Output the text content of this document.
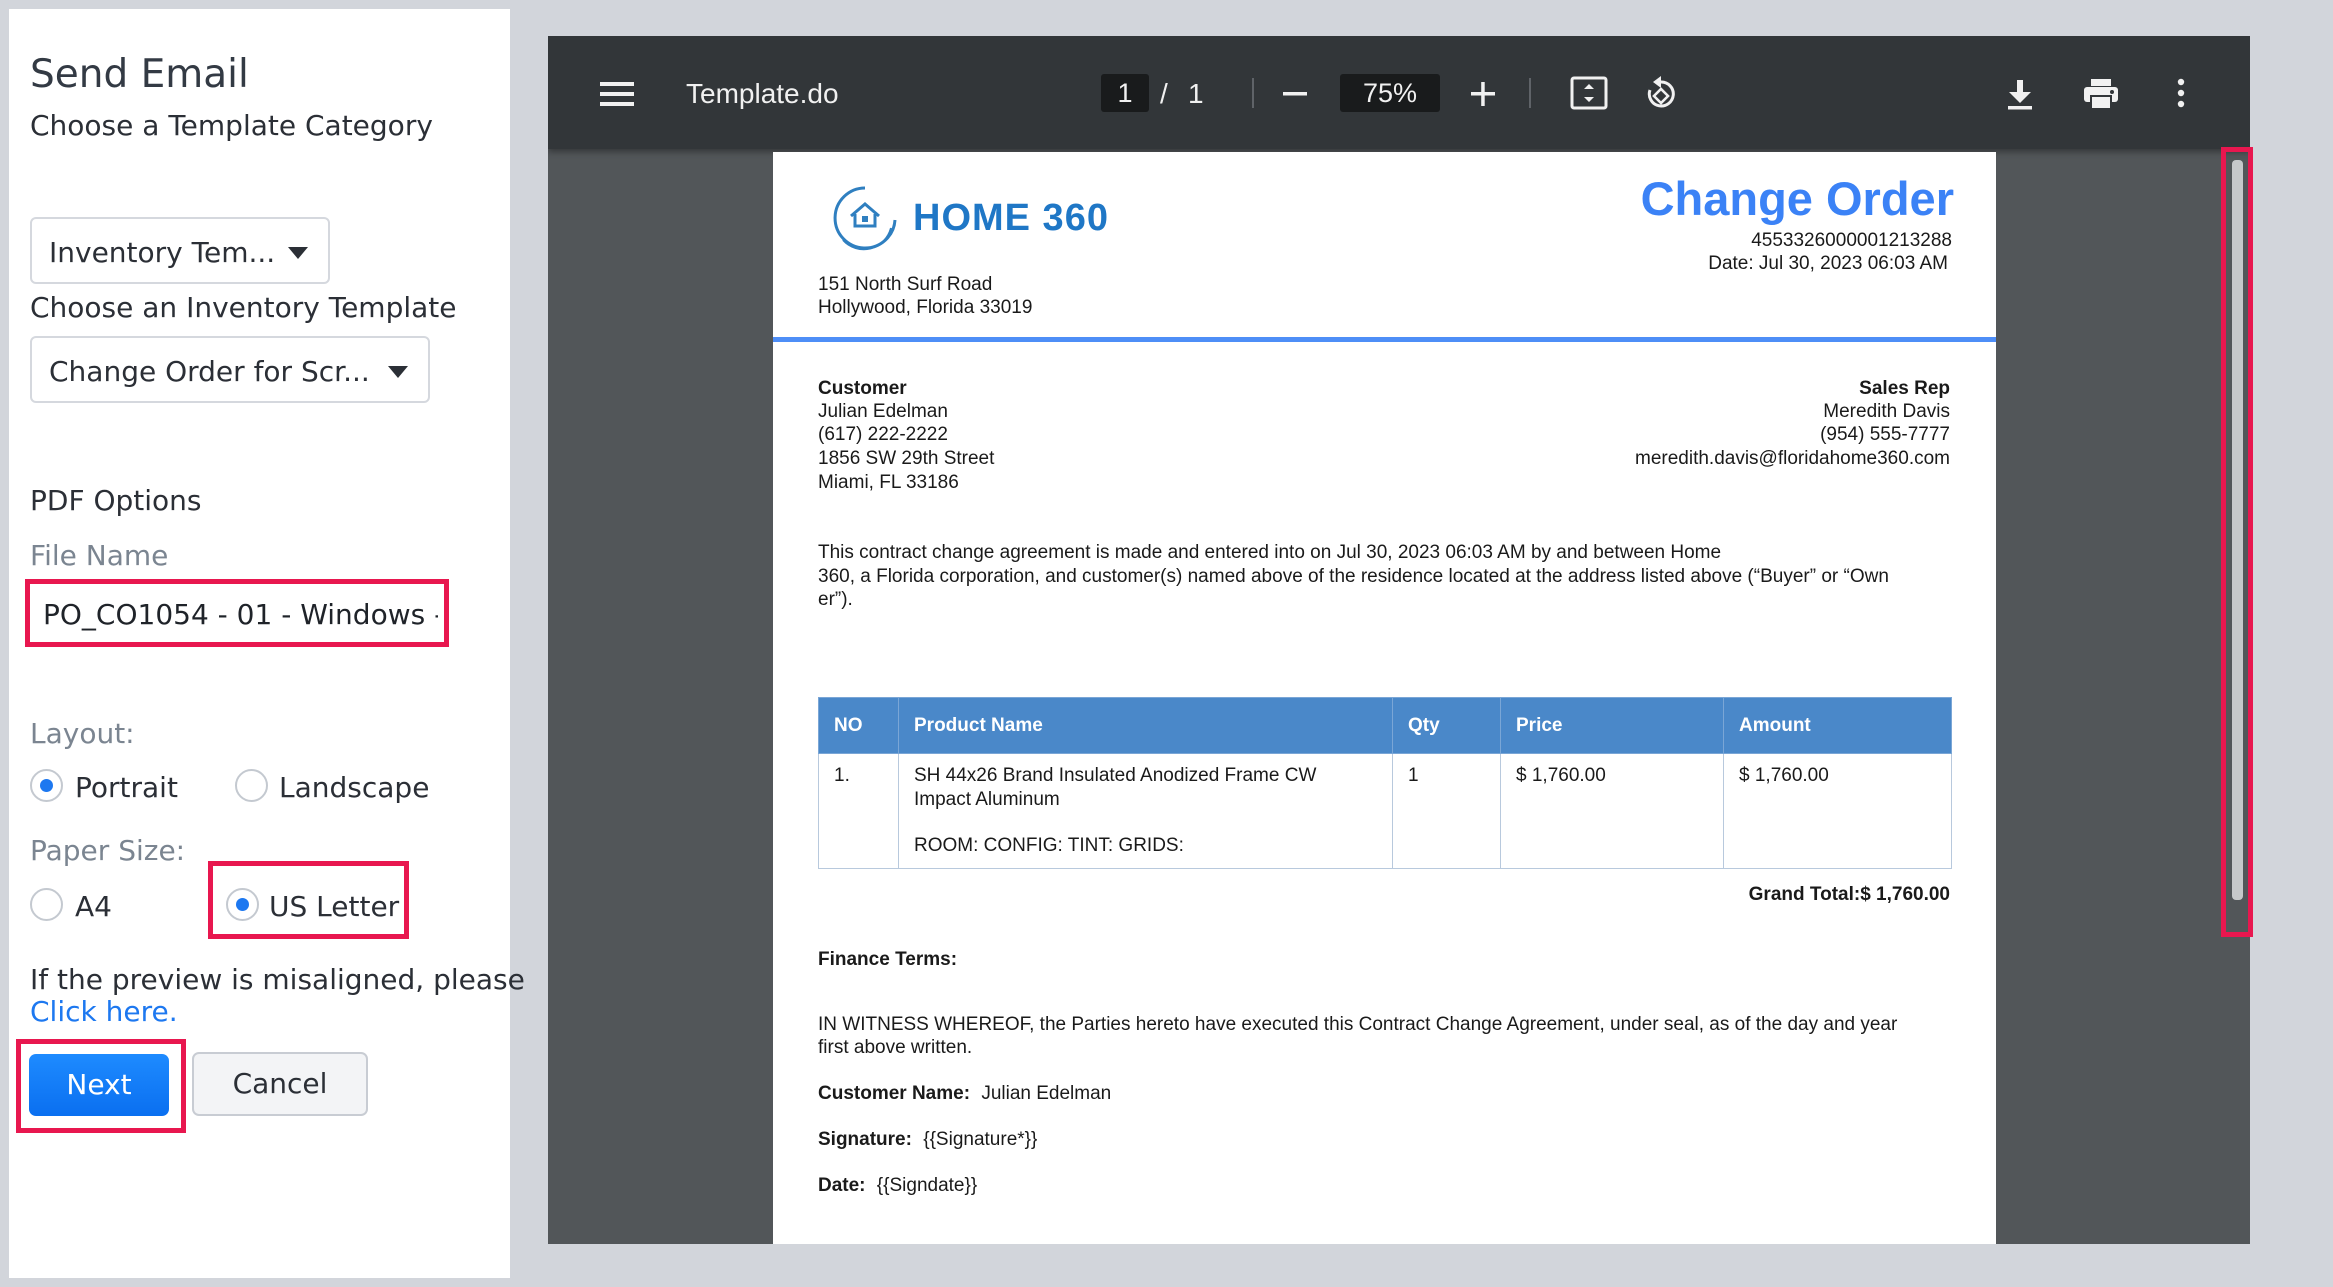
Send Email
Choose a Template Category
Inventory Tem...
Choose an Inventory Template
Change Order for Scr...
PDF Options
File Name
PO_CO1054 - 01 - Windows - J
Layout:
Portrait	Landscape
Paper Size:
A4	US Letter
If the preview is misaligned, please
Click here.
Next	Cancel
Template.do	1 / 1	75%
HOME 360	Change Order
4553326000001213288
Date: Jul 30, 2023 06:03 AM
151 North Surf Road
Hollywood, Florida 33019
Customer
Julian Edelman
(617) 222-2222
1856 SW 29th Street
Miami, FL 33186
Sales Rep
Meredith Davis
(954) 555-7777
meredith.davis@floridahome360.com
This contract change agreement is made and entered into on Jul 30, 2023 06:03 AM by and between Home
360, a Florida corporation, and customer(s) named above of the residence located at the address listed above (“Buyer” or “Own
er”).
NO	Product Name	Qty	Price	Amount
1.	SH 44x26 Brand Insulated Anodized Frame CW
Impact Aluminum
ROOM: CONFIG: TINT: GRIDS:	1	$ 1,760.00	$ 1,760.00
Grand Total:$ 1,760.00
Finance Terms:
IN WITNESS WHEREOF, the Parties hereto have executed this Contract Change Agreement, under seal, as of the day and year
first above written.
Customer Name: Julian Edelman
Signature: {{Signature*}}
Date: {{Signdate}}
